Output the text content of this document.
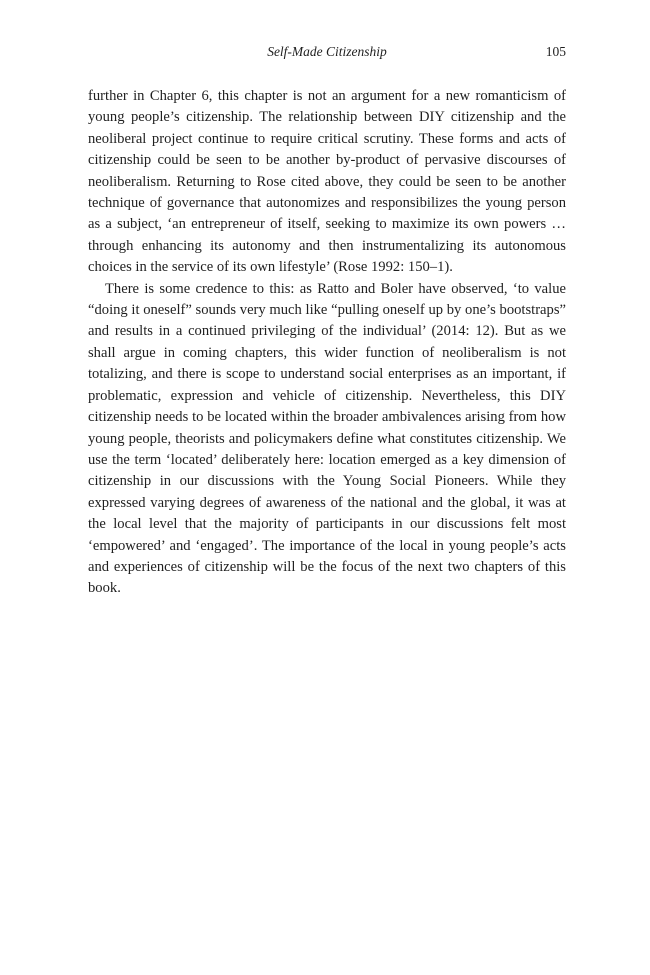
Self-Made Citizenship	105

further in Chapter 6, this chapter is not an argument for a new romanticism of young people’s citizenship. The relationship between DIY citizenship and the neoliberal project continue to require critical scrutiny. These forms and acts of citizenship could be seen to be another by-product of pervasive discourses of neoliberalism. Returning to Rose cited above, they could be seen to be another technique of governance that autonomizes and responsibilizes the young person as a subject, ‘an entrepreneur of itself, seeking to maximize its own powers … through enhancing its autonomy and then instrumentalizing its autonomous choices in the service of its own lifestyle’ (Rose 1992: 150–1).

There is some credence to this: as Ratto and Boler have observed, ‘to value “doing it oneself” sounds very much like “pulling oneself up by one’s bootstraps” and results in a continued privileging of the individual’ (2014: 12). But as we shall argue in coming chapters, this wider function of neoliberalism is not totalizing, and there is scope to understand social enterprises as an important, if problematic, expression and vehicle of citizenship. Nevertheless, this DIY citizenship needs to be located within the broader ambivalences arising from how young people, theorists and policymakers define what constitutes citizenship. We use the term ‘located’ deliberately here: location emerged as a key dimension of citizenship in our discussions with the Young Social Pioneers. While they expressed varying degrees of awareness of the national and the global, it was at the local level that the majority of participants in our discussions felt most ‘empowered’ and ‘engaged’. The importance of the local in young people’s acts and experiences of citizenship will be the focus of the next two chapters of this book.
